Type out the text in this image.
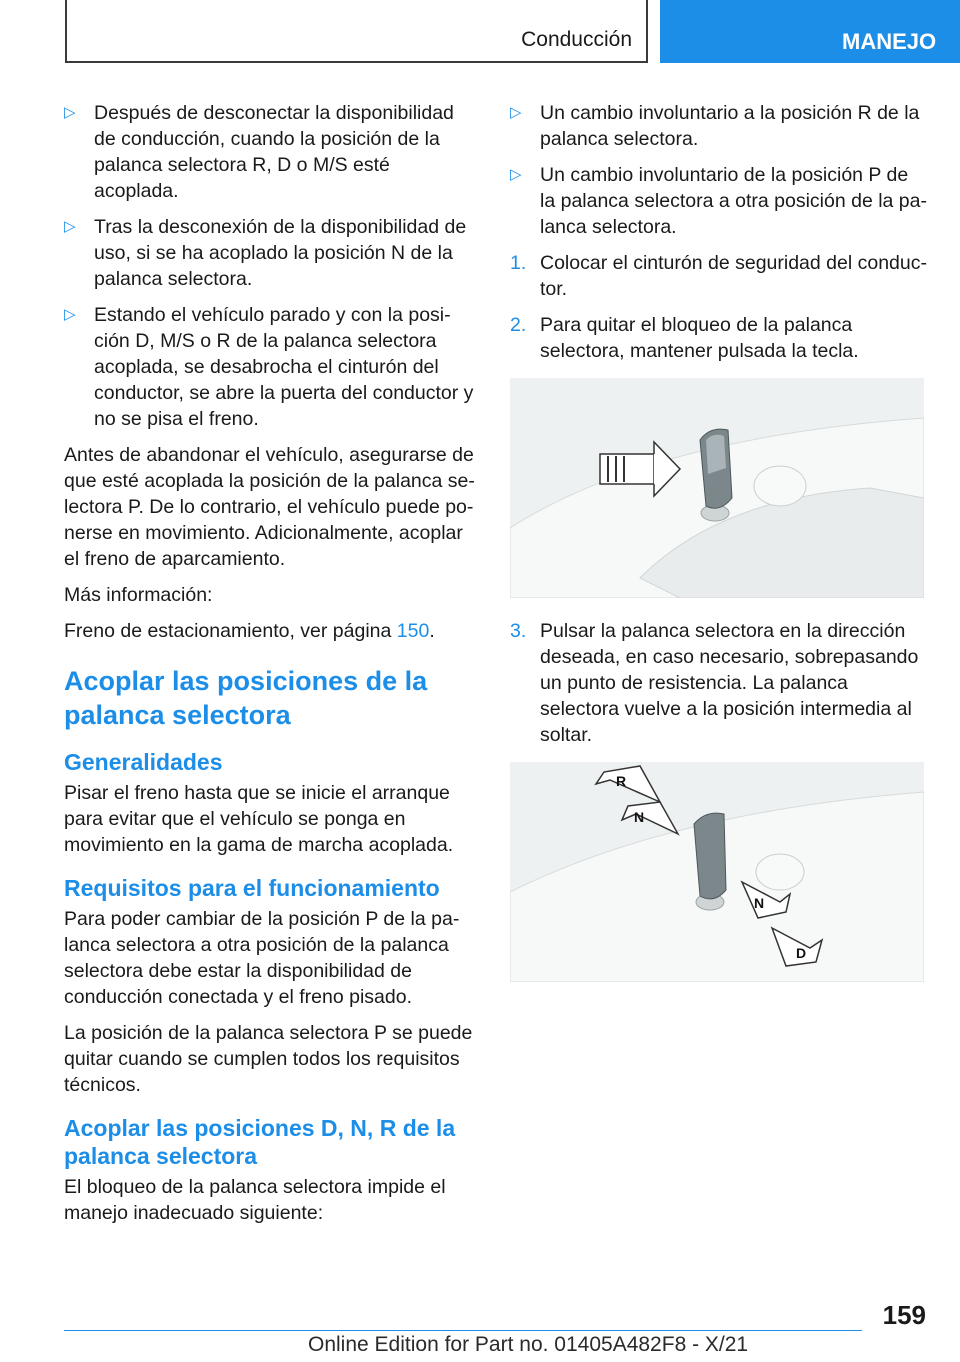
Conducción	MANEJO
▷ Después de desconectar la disponibilidad de conducción, cuando la posición de la palanca selectora R, D o M/S esté acoplada.
▷ Tras la desconexión de la disponibilidad de uso, si se ha acoplado la posición N de la palanca selectora.
▷ Estando el vehículo parado y con la posición D, M/S o R de la palanca selectora acoplada, se desabrocha el cinturón del conductor, se abre la puerta del conductor y no se pisa el freno.

Antes de abandonar el vehículo, asegurarse de que esté acoplada la posición de la palanca selectora P. De lo contrario, el vehículo puede ponerse en movimiento. Adicionalmente, acoplar el freno de aparcamiento.

Más información:

Freno de estacionamiento, ver página 150.

Acoplar las posiciones de la palanca selectora
Generalidades

Pisar el freno hasta que se inicie el arranque para evitar que el vehículo se ponga en movimiento en la gama de marcha acoplada.

Requisitos para el funcionamiento

Para poder cambiar de la posición P de la palanca selectora a otra posición de la palanca selectora debe estar la disponibilidad de conducción conectada y el freno pisado.

La posición de la palanca selectora P se puede quitar cuando se cumplen todos los requisitos técnicos.

Acoplar las posiciones D, N, R de la palanca selectora

El bloqueo de la palanca selectora impide el manejo inadecuado siguiente:

▷ Un cambio involuntario a la posición R de la palanca selectora.
▷ Un cambio involuntario de la posición P de la palanca selectora a otra posición de la palanca selectora.
1. Colocar el cinturón de seguridad del conductor.
2. Para quitar el bloqueo de la palanca selectora, mantener pulsada la tecla.
3. Pulsar la palanca selectora en la dirección deseada, en caso necesario, sobrepasando un punto de resistencia. La palanca selectora vuelve a la posición intermedia al soltar.
R
N
N
D
159
Online Edition for Part no. 01405A482F8 - X/21
